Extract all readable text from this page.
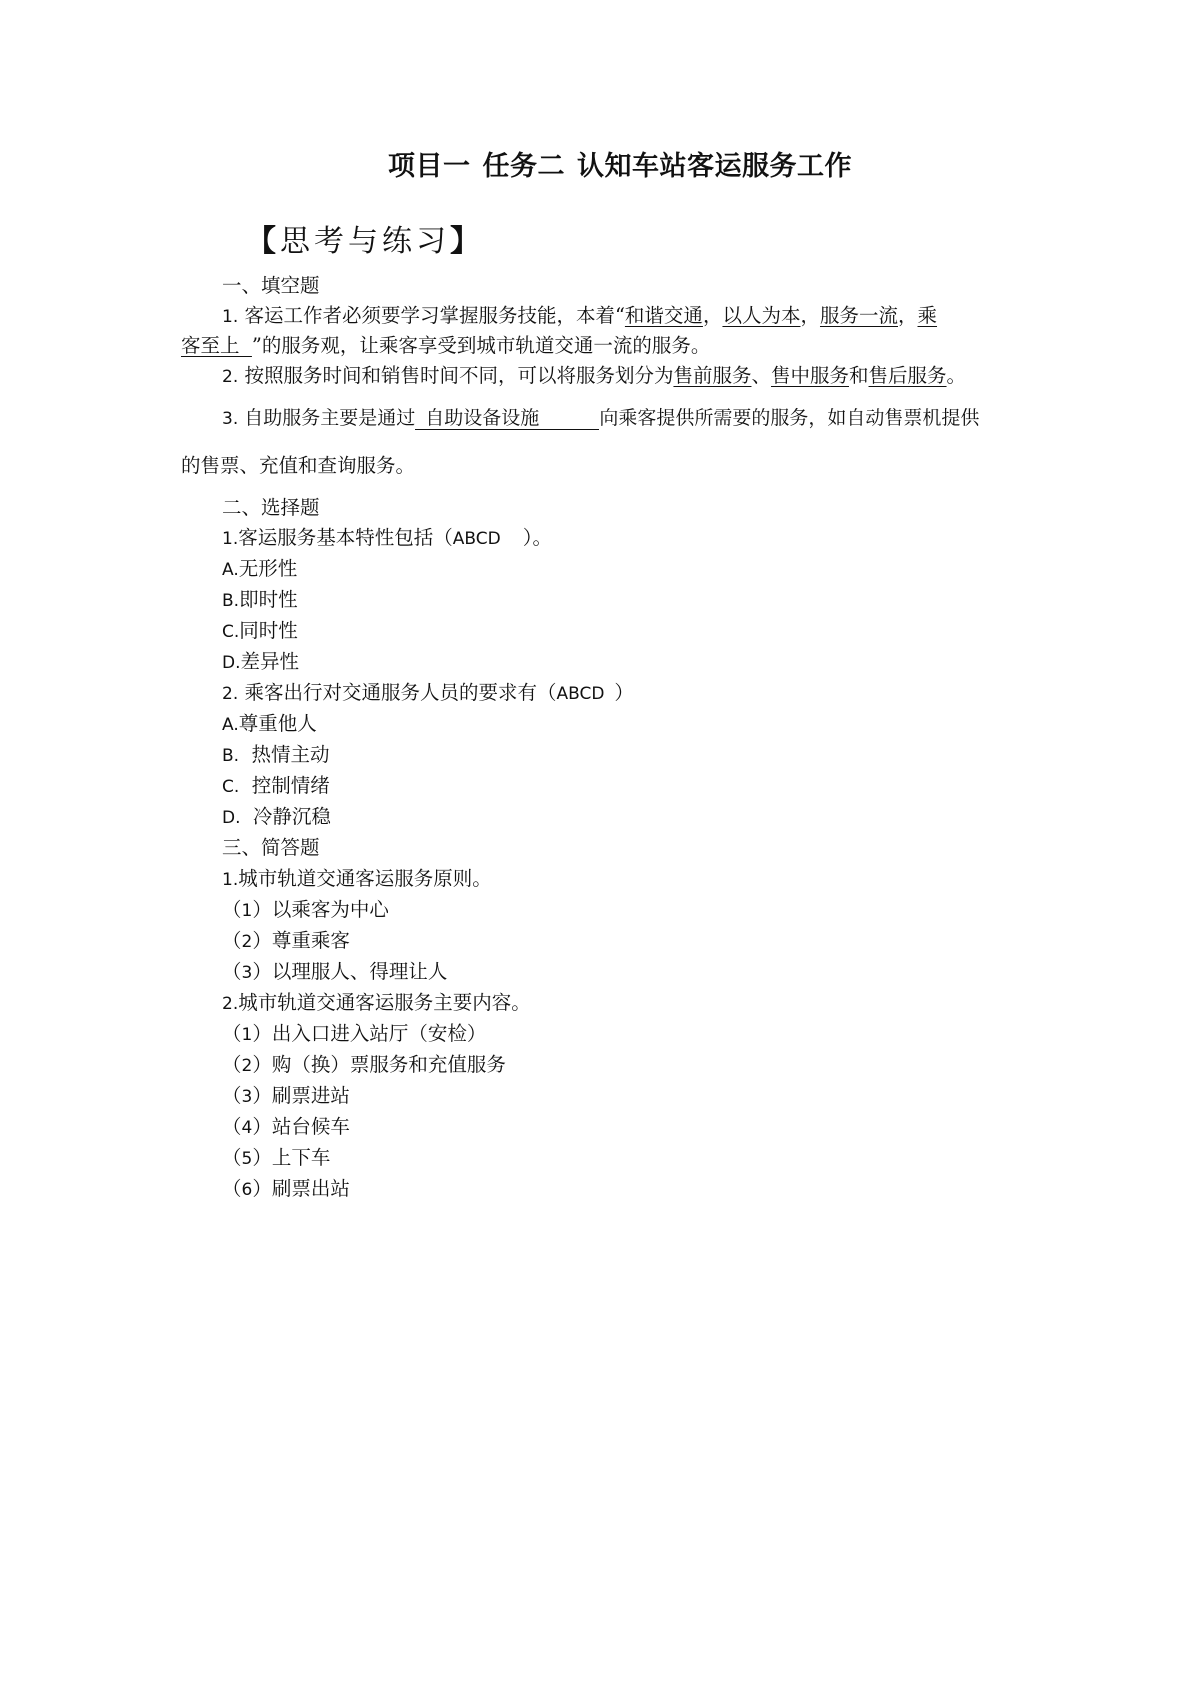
项目一 任务二 认知车站客运服务工作
【思考与练习】
一、填空题
1. 客运工作者必须要学习掌握服务技能，本着“和谐交通，以人为本，服务一流，乘
客至上 ”的服务观，让乘客享受到城市轨道交通一流的服务。
2. 按照服务时间和销售时间不同，可以将服务划分为售前服务、售中服务和售后服务。
3. 自助服务主要是通过 自助设备设施	向乘客提供所需要的服务，如自动售票机提供
的售票、充值和查询服务。
二、选择题
1.客运服务基本特性包括（ABCD ）。
A.无形性
B.即时性
C.同时性
D.差异性
2. 乘客出行对交通服务人员的要求有（ABCD ）
A.尊重他人
B. 热情主动
C. 控制情绪
D. 冷静沉稳
三、简答题
1.城市轨道交通客运服务原则。
（1）以乘客为中心
（2）尊重乘客
（3）以理服人、得理让人
2.城市轨道交通客运服务主要内容。
（1）出入口进入站厅（安检）
（2）购（换）票服务和充值服务
（3）刷票进站
（4）站台候车
（5）上下车
（6）刷票出站
